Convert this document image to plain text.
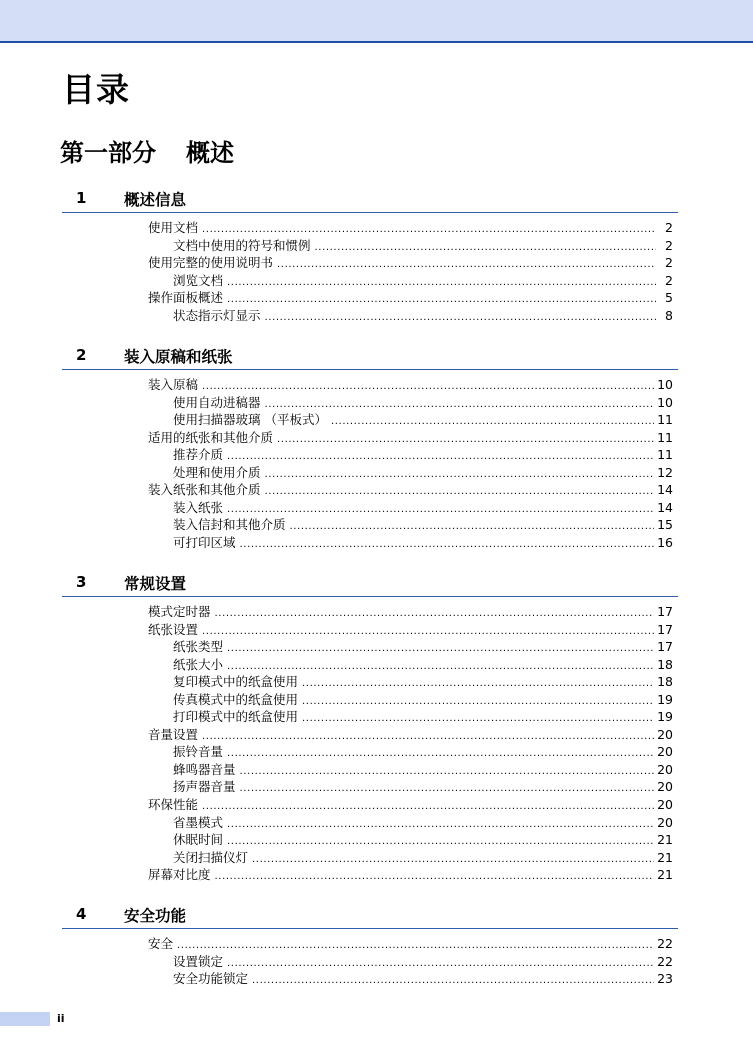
目录
第一部分 概述
1 概述信息
使用文档 .....	2
文档中使用的符号和惯例 .....	2
使用完整的使用说明书 .....	2
浏览文档 .....	2
操作面板概述 .....	5
状态指示灯显示 .....	8
2 装入原稿和纸张
装入原稿 .....	10
使用自动进稿器 .....	10
使用扫描器玻璃 （平板式） .....	11
适用的纸张和其他介质 .....	11
推荐介质 .....	11
处理和使用介质 .....	12
装入纸张和其他介质 .....	14
装入纸张 .....	14
装入信封和其他介质 .....	15
可打印区域 .....	16
3 常规设置
模式定时器 .....	17
纸张设置 .....	17
纸张类型 .....	17
纸张大小 .....	18
复印模式中的纸盒使用 .....	18
传真模式中的纸盒使用 .....	19
打印模式中的纸盒使用 .....	19
音量设置 .....	20
振铃音量 .....	20
蜂鸣器音量 .....	20
扬声器音量 .....	20
环保性能 .....	20
省墨模式 .....	20
休眠时间 .....	21
关闭扫描仪灯 .....	21
屏幕对比度 .....	21
4 安全功能
安全 .....	22
设置锁定 .....	22
安全功能锁定 .....	23
ii
